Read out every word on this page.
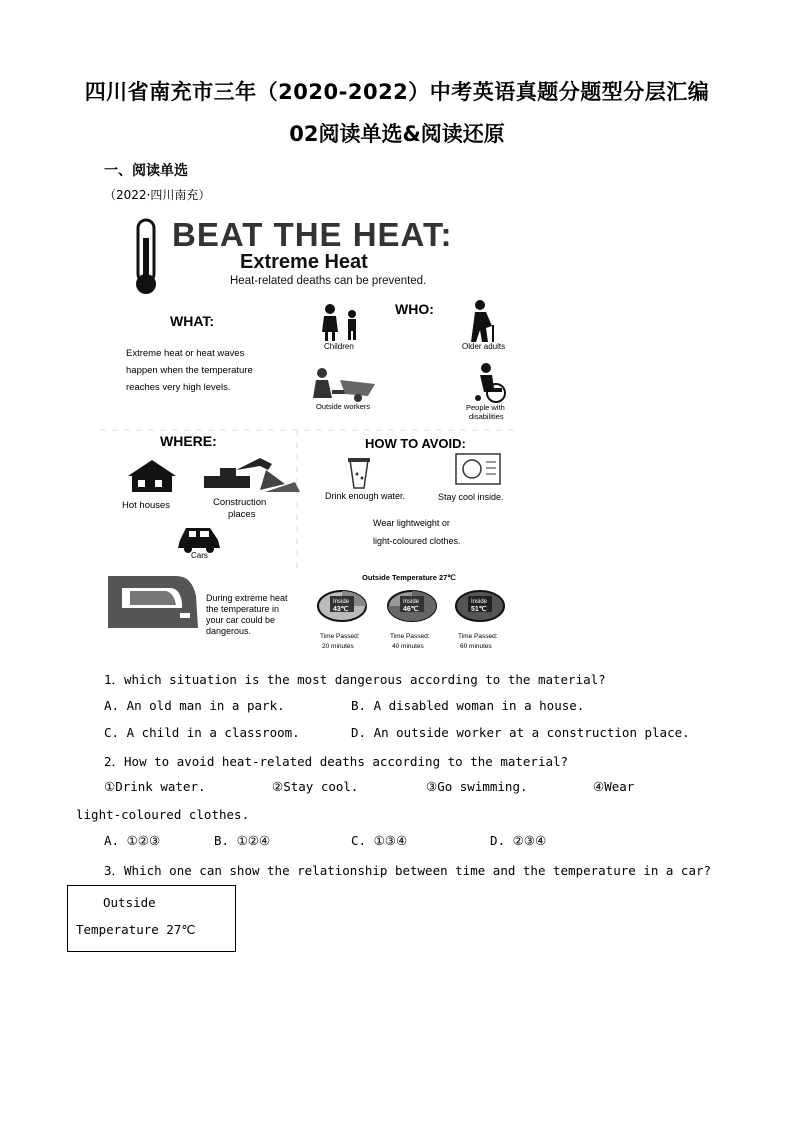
四川省南充市三年（2020-2022）中考英语真题分题型分层汇编
02阅读单选&阅读还原
一、阅读单选
（2022·四川南充）
BEAT THE HEAT:
Extreme Heat
Heat-related deaths can be prevented.
WHAT:
Extreme heat or heat waves
happen when the temperature
reaches very high levels.
WHO:
Children	Older adults
Outside workers	People with
disabilities
WHERE:
Hot houses	Construction
places
Cars
HOW TO AVOID:
Drink enough water.	Stay cool inside.
Wear lightweight or
light-coloured clothes.
During extreme heat
the temperature in
your car could be
dangerous.
Outside Temperature 27℃
Inside
43℃
Time Passed:
20 minutes
Inside
46℃
Time Passed:
40 minutes
Inside
51℃
Time Passed:
60 minutes
1．which situation is the most dangerous according to the material?
A. An old man in a park.	B. A disabled woman in a house.
C. A child in a classroom.	D. An outside worker at a construction place.
2．How to avoid heat-related deaths according to the material?
①Drink water.	②Stay cool.	③Go swimming.	④Wear
light-coloured clothes.
A. ①②③	B. ①②④	C. ①③④	D. ②③④
3．Which one can show the relationship between time and the temperature in a car?
Outside
Temperature 27℃
